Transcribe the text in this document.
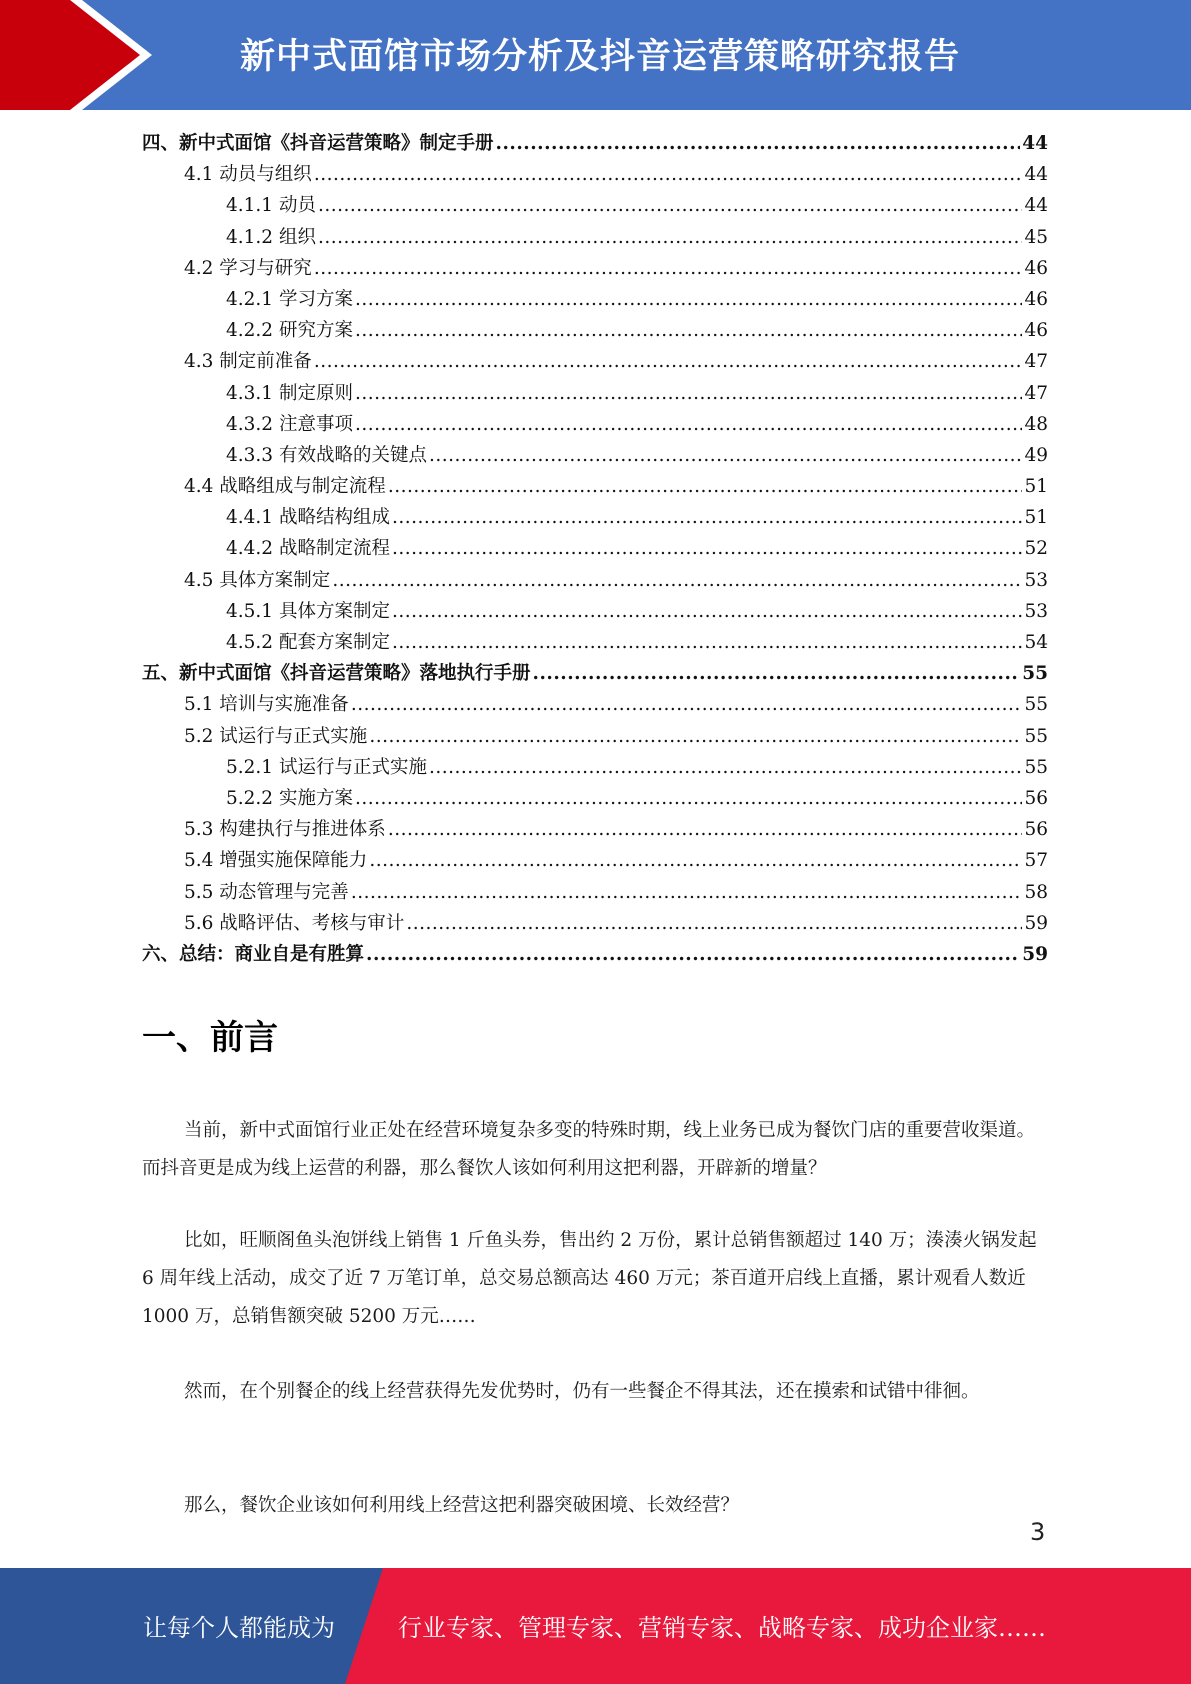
新中式面馆市场分析及抖音运营策略研究报告
四、新中式面馆《抖音运营策略》制定手册 .....	44
4.1 动员与组织 .....	44
4.1.1 动员 .....	44
4.1.2 组织 .....	45
4.2 学习与研究 .....	46
4.2.1 学习方案 .....	46
4.2.2 研究方案 .....	46
4.3 制定前准备 .....	47
4.3.1 制定原则 .....	47
4.3.2 注意事项 .....	48
4.3.3 有效战略的关键点 .....	49
4.4 战略组成与制定流程 .....	51
4.4.1 战略结构组成 .....	51
4.4.2 战略制定流程 .....	52
4.5 具体方案制定 .....	53
4.5.1 具体方案制定 .....	53
4.5.2 配套方案制定 .....	54
五、新中式面馆《抖音运营策略》落地执行手册 .....	55
5.1 培训与实施准备 .....	55
5.2 试运行与正式实施 .....	55
5.2.1 试运行与正式实施 .....	55
5.2.2 实施方案 .....	56
5.3 构建执行与推进体系 .....	56
5.4 增强实施保障能力 .....	57
5.5 动态管理与完善 .....	58
5.6 战略评估、考核与审计 .....	59
六、总结：商业自是有胜算 .....	59
一、前言

当前，新中式面馆行业正处在经营环境复杂多变的特殊时期，线上业务已成为餐饮门店的重要营收渠道。而抖音更是成为线上运营的利器，那么餐饮人该如何利用这把利器，开辟新的增量？

比如，旺顺阁鱼头泡饼线上销售 1 斤鱼头券，售出约 2 万份，累计总销售额超过 140 万；湊湊火锅发起 6 周年线上活动，成交了近 7 万笔订单，总交易总额高达 460 万元；茶百道开启线上直播，累计观看人数近 1000 万，总销售额突破 5200 万元……

然而，在个别餐企的线上经营获得先发优势时，仍有一些餐企不得其法，还在摸索和试错中徘徊。

那么，餐饮企业该如何利用线上经营这把利器突破困境、长效经营？

3
让每个人都能成为	行业专家、管理专家、营销专家、战略专家、成功企业家……
